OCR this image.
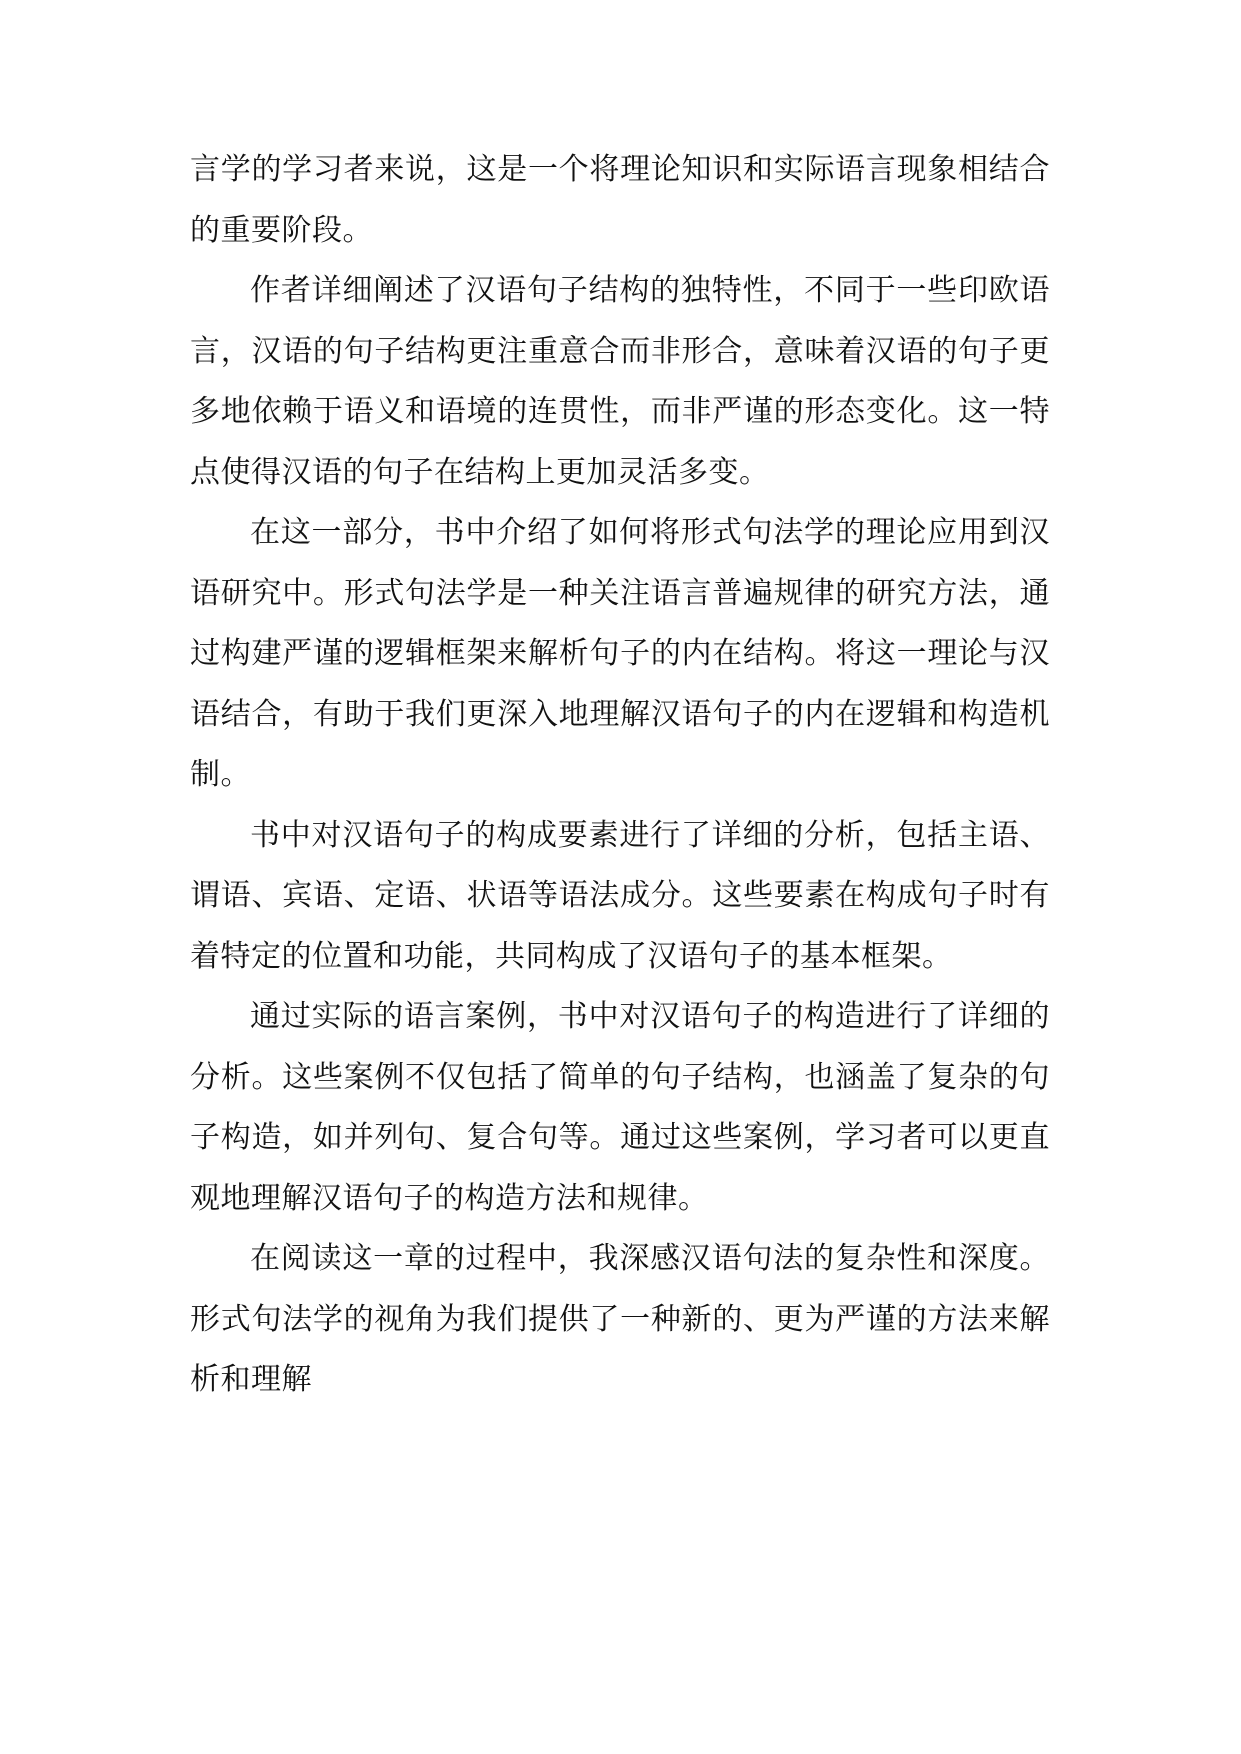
言学的学习者来说，这是一个将理论知识和实际语言现象相结合的重要阶段。

作者详细阐述了汉语句子结构的独特性，不同于一些印欧语言，汉语的句子结构更注重意合而非形合，意味着汉语的句子更多地依赖于语义和语境的连贯性，而非严谨的形态变化。这一特点使得汉语的句子在结构上更加灵活多变。

在这一部分，书中介绍了如何将形式句法学的理论应用到汉语研究中。形式句法学是一种关注语言普遍规律的研究方法，通过构建严谨的逻辑框架来解析句子的内在结构。将这一理论与汉语结合，有助于我们更深入地理解汉语句子的内在逻辑和构造机制。

书中对汉语句子的构成要素进行了详细的分析，包括主语、谓语、宾语、定语、状语等语法成分。这些要素在构成句子时有着特定的位置和功能，共同构成了汉语句子的基本框架。

通过实际的语言案例，书中对汉语句子的构造进行了详细的分析。这些案例不仅包括了简单的句子结构，也涵盖了复杂的句子构造，如并列句、复合句等。通过这些案例，学习者可以更直观地理解汉语句子的构造方法和规律。

在阅读这一章的过程中，我深感汉语句法的复杂性和深度。形式句法学的视角为我们提供了一种新的、更为严谨的方法来解析和理解
